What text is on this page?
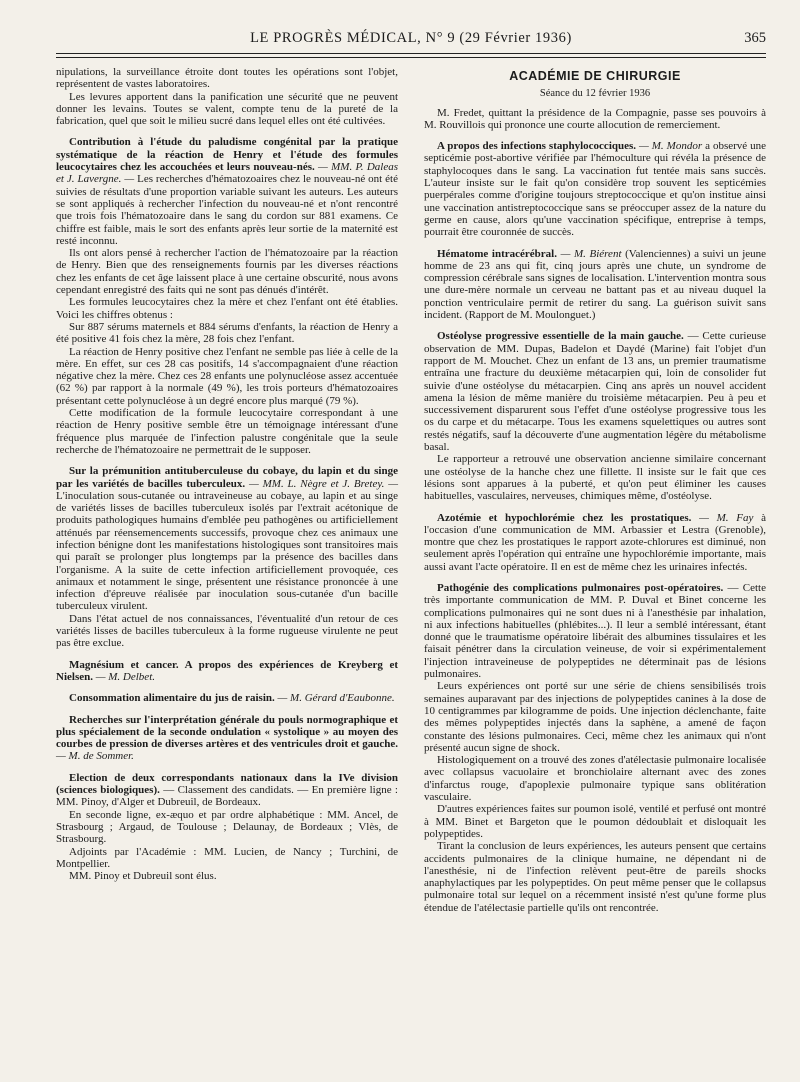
LE PROGRÈS MÉDICAL, N° 9 (29 Février 1936)	365

nipulations, la surveillance étroite dont toutes les opérations sont l'objet, représentent de vastes laboratoires.

Les levures apportent dans la panification une sécurité que ne peuvent donner les levains. Toutes se valent, compte tenu de la pureté de la fabrication, quel que soit le milieu sucré dans lequel elles ont été cultivées.

Contribution à l'étude du paludisme congénital par la pratique systématique de la réaction de Henry et l'étude des formules leucocytaires chez les accouchées et leurs nouveau-nés. — MM. P. Daleas et J. Lavergne. — Les recherches d'hématozoaires chez le nouveau-né ont été suivies de résultats d'une proportion variable suivant les auteurs. Les auteurs se sont appliqués à rechercher l'infection du nouveau-né et n'ont rencontré que trois fois l'hématozoaire dans le sang du cordon sur 881 examens. Ce chiffre est faible, mais le sort des enfants après leur sortie de la maternité est resté inconnu.

Ils ont alors pensé à rechercher l'action de l'hématozoaire par la réaction de Henry. Bien que des renseignements fournis par les diverses réactions chez les enfants de cet âge laissent place à une certaine obscurité, nous avons cependant enregistré des faits qui ne sont pas dénués d'intérêt.

Les formules leucocytaires chez la mère et chez l'enfant ont été établies. Voici les chiffres obtenus :

Sur 887 sérums maternels et 884 sérums d'enfants, la réaction de Henry a été positive 41 fois chez la mère, 28 fois chez l'enfant.

La réaction de Henry positive chez l'enfant ne semble pas liée à celle de la mère. En effet, sur ces 28 cas positifs, 14 s'accompagnaient d'une réaction négative chez la mère. Chez ces 28 enfants une polynucléose assez accentuée (62 %) par rapport à la normale (49 %), les trois porteurs d'hématozoaires présentant cette polynucléose à un degré encore plus marqué (79 %).

Cette modification de la formule leucocytaire correspondant à une réaction de Henry positive semble être un témoignage intéressant d'une fréquence plus marquée de l'infection palustre congénitale que la seule recherche de l'hématozoaire ne permettrait de le supposer.

Sur la prémunition antituberculeuse du cobaye, du lapin et du singe par les variétés de bacilles tuberculeux. — MM. L. Nègre et J. Bretey. — L'inoculation sous-cutanée ou intraveineuse au cobaye, au lapin et au singe de variétés lisses de bacilles tuberculeux isolés par l'extrait acétonique de produits pathologiques humains d'emblée peu pathogènes ou artificiellement atténués par réensemencements successifs, provoque chez ces animaux une infection bénigne dont les manifestations histologiques sont transitoires mais qui paraît se prolonger plus longtemps par la présence des bacilles dans l'organisme. A la suite de cette infection artificiellement provoquée, ces animaux et notamment le singe, présentent une résistance prononcée à une infection d'épreuve réalisée par inoculation sous-cutanée d'un bacille tuberculeux virulent.

Dans l'état actuel de nos connaissances, l'éventualité d'un retour de ces variétés lisses de bacilles tuberculeux à la forme rugueuse virulente ne peut pas être exclue.

Magnésium et cancer. A propos des expériences de Kreyberg et Nielsen. — M. Delbet.

Consommation alimentaire du jus de raisin. — M. Gérard d'Eaubonne.

Recherches sur l'interprétation générale du pouls normographique et plus spécialement de la seconde ondulation « systolique » au moyen des courbes de pression de diverses artères et des ventricules droit et gauche. — M. de Sommer.

Election de deux correspondants nationaux dans la IVe division (sciences biologiques). — Classement des candidats. — En première ligne : MM. Pinoy, d'Alger et Dubreuil, de Bordeaux.

En seconde ligne, ex-æquo et par ordre alphabétique : MM. Ancel, de Strasbourg ; Argaud, de Toulouse ; Delaunay, de Bordeaux ; Vlès, de Strasbourg.

Adjoints par l'Académie : MM. Lucien, de Nancy ; Turchini, de Montpellier.

MM. Pinoy et Dubreuil sont élus.

ACADÉMIE DE CHIRURGIE
Séance du 12 février 1936

M. Fredet, quittant la présidence de la Compagnie, passe ses pouvoirs à M. Rouvillois qui prononce une courte allocution de remerciement.

A propos des infections staphylococciques. — M. Mondor a observé une septicémie post-abortive vérifiée par l'hémoculture qui révéla la présence de staphylocoques dans le sang. La vaccination fut tentée mais sans succès. L'auteur insiste sur le fait qu'on considère trop souvent les septicémies puerpérales comme d'origine toujours streptococcique et qu'on institue ainsi une vaccination antistreptococcique sans se préoccuper assez de la nature du germe en cause, alors qu'une vaccination spécifique, entreprise à temps, pourrait être couronnée de succès.

Hématome intracérébral. — M. Biérent (Valenciennes) a suivi un jeune homme de 23 ans qui fit, cinq jours après une chute, un syndrome de compression cérébrale sans signes de localisation. L'intervention montra sous une dure-mère normale un cerveau ne battant pas et au niveau duquel la ponction ventriculaire permit de retirer du sang. La guérison suivit sans incident. (Rapport de M. Moulonguet.)

Ostéolyse progressive essentielle de la main gauche. — Cette curieuse observation de MM. Dupas, Badelon et Daydé (Marine) fait l'objet d'un rapport de M. Mouchet. Chez un enfant de 13 ans, un premier traumatisme entraîna une fracture du deuxième métacarpien qui, loin de consolider fut suivie d'une ostéolyse du métacarpien. Cinq ans après un nouvel accident amena la lésion de même manière du troisième métacarpien. Peu à peu et successivement disparurent sous l'effet d'une ostéolyse progressive tous les os du carpe et du métacarpe. Tous les examens squelettiques ou autres sont restés négatifs, sauf la découverte d'une augmentation légère du métabolisme basal.

Le rapporteur a retrouvé une observation ancienne similaire concernant une ostéolyse de la hanche chez une fillette. Il insiste sur le fait que ces lésions sont apparues à la puberté, et qu'on peut éliminer les causes habituelles, vasculaires, nerveuses, chimiques même, d'ostéolyse.

Azotémie et hypochlorémie chez les prostatiques. — M. Fay à l'occasion d'une communication de MM. Arbassier et Lestra (Grenoble), montre que chez les prostatiques le rapport azote-chlorures est diminué, non seulement après l'opération qui entraîne une hypochlorémie importante, mais aussi avant l'acte opératoire. Il en est de même chez les urinaires infectés.

Pathogénie des complications pulmonaires post-opératoires. — Cette très importante communication de MM. P. Duval et Binet concerne les complications pulmonaires qui ne sont dues ni à l'anesthésie par inhalation, ni aux infections habituelles (phlébites...). Il leur a semblé intéressant, étant donné que le traumatisme opératoire libérait des albumines tissulaires et les faisait pénétrer dans la circulation veineuse, de voir si expérimentalement l'injection intraveineuse de polypeptides ne déterminait pas de lésions pulmonaires.

Leurs expériences ont porté sur une série de chiens sensibilisés trois semaines auparavant par des injections de polypeptides canines à la dose de 10 centigrammes par kilogramme de poids. Une injection déclenchante, faite des mêmes polypeptides injectés dans la saphène, a amené de façon constante des lésions pulmonaires. Ceci, même chez les animaux qui n'ont présenté aucun signe de shock.

Histologiquement on a trouvé des zones d'atélectasie pulmonaire localisée avec collapsus vacuolaire et bronchiolaire alternant avec des zones d'infarctus rouge, d'apoplexie pulmonaire typique sans oblitération vasculaire.

D'autres expériences faites sur poumon isolé, ventilé et perfusé ont montré à MM. Binet et Bargeton que le poumon dédoublait et disloquait les polypeptides.

Tirant la conclusion de leurs expériences, les auteurs pensent que certains accidents pulmonaires de la clinique humaine, ne dépendant ni de l'anesthésie, ni de l'infection relèvent peut-être de pareils shocks anaphylactiques par les polypeptides. On peut même penser que le collapsus pulmonaire total sur lequel on a récemment insisté n'est qu'une forme plus étendue de l'atélectasie partielle qu'ils ont rencontrée.
